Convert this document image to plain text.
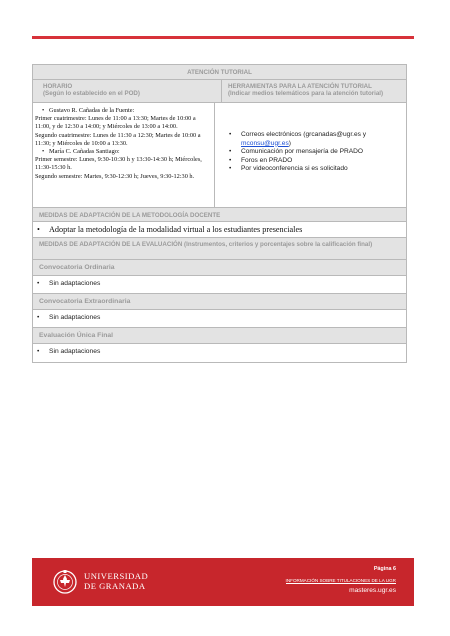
ATENCIÓN TUTORIAL
HORARIO
(Según lo establecido en el POD)
HERRAMIENTAS PARA LA ATENCIÓN TUTORIAL
(Indicar medios telemáticos para la atención tutorial)
• Gustavo R. Cañadas de la Fuente:
Primer cuatrimestre: Lunes de 11:00 a 13:30; Martes de 10:00 a 11:00, y de 12:30 a 14:00; y Miércoles de 13:00 a 14:00.
Segundo cuatrimestre: Lunes de 11:30 a 12:30; Martes de 10:00 a 11:30; y Miércoles de 10:00 a 13:30.
• María C. Cañadas Santiago:
Primer semestre: Lunes, 9:30-10:30 h y 13:30-14:30 h; Miércoles, 11:30-15:30 h.
Segundo semestre: Martes, 9:30-12:30 h; Jueves, 9:30-12:30 h.
• Correos electrónicos (grcanadas@ugr.es y
mconsu@ugr.es)
• Comunicación por mensajería de PRADO
• Foros en PRADO
• Por videoconferencia si es solicitado
MEDIDAS DE ADAPTACIÓN DE LA METODOLOGÍA DOCENTE
• Adoptar la metodología de la modalidad virtual a los estudiantes presenciales
MEDIDAS DE ADAPTACIÓN DE LA EVALUACIÓN (Instrumentos, criterios y porcentajes sobre la calificación final)
Convocatoria Ordinaria
• Sin adaptaciones
Convocatoria Extraordinaria
• Sin adaptaciones
Evaluación Única Final
• Sin adaptaciones
UNIVERSIDAD
DE GRANADA
Página 6
INFORMACIÓN SOBRE TITULACIONES DE LA UGR
masteres.ugr.es
